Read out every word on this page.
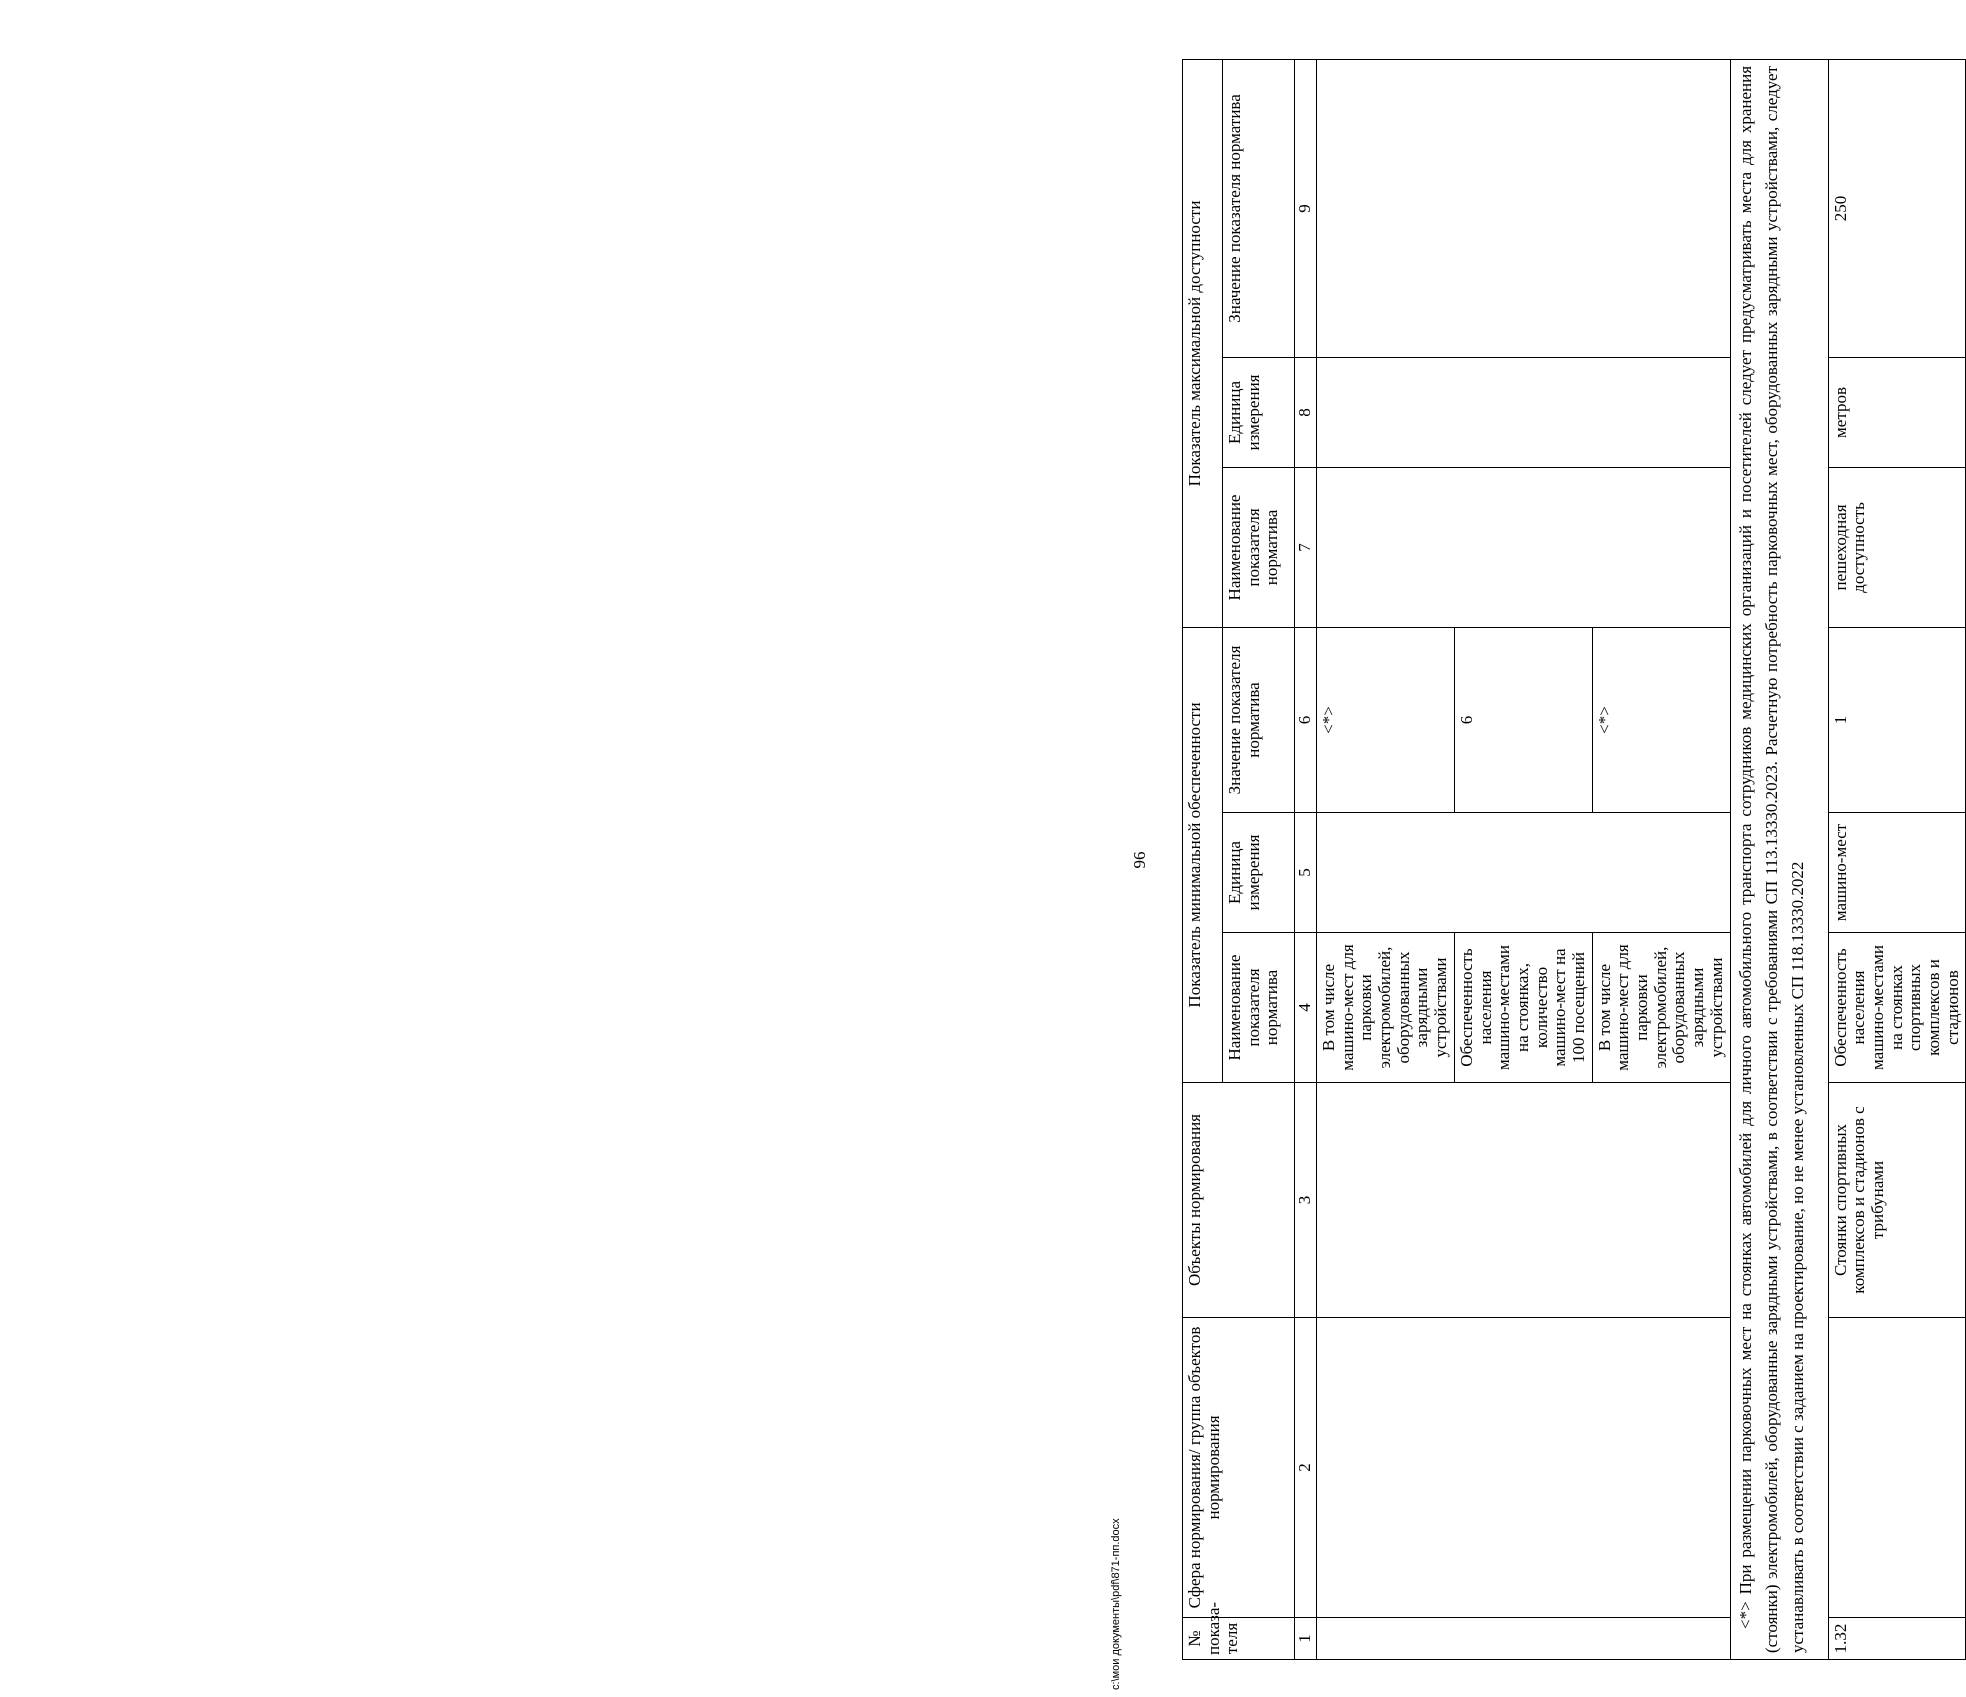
96
№ показа-теля	Сфера нормирования/ группа объектов нормирования	Объекты нормирования	Показатель минимальной обеспеченности			Показатель максимальной доступности		
			Наименование показателя норматива	Единица измерения	Значение показателя норматива	Наименование показателя норматива	Единица измерения	Значение показателя норматива
1	2	3	4	5	6	7	8	9
			В том числе машино-мест для парковки электромобилей, оборудованных зарядными устройствами		<*>			
			Обеспеченность населения машино-местами на стоянках, количество машино-мест на 100 посещений		6			
			В том числе машино-мест для парковки электромобилей, оборудованных зарядными устройствами		<*>			
<*> При размещении парковочных мест на стоянках автомобилей для личного автомобильного транспорта сотрудников медицинских организаций и посетителей следует предусматривать места для хранения (стоянки) электромобилей, оборудованные зарядными устройствами, в соответствии с требованиями СП 113.13330.2023. Расчетную потребность парковочных мест, оборудованных зарядными устройствами, следует устанавливать в соответствии с заданием на проектирование, но не менее установленных СП 118.13330.2022								
1.32		Стоянки спортивных комплексов и стадионов с трибунами	Обеспеченность населения машино-местами на стоянках спортивных комплексов и стадионов	машино-мест	1	пешеходная доступность	метров	250
c:\мои документы\pdf\871-пп.docx
